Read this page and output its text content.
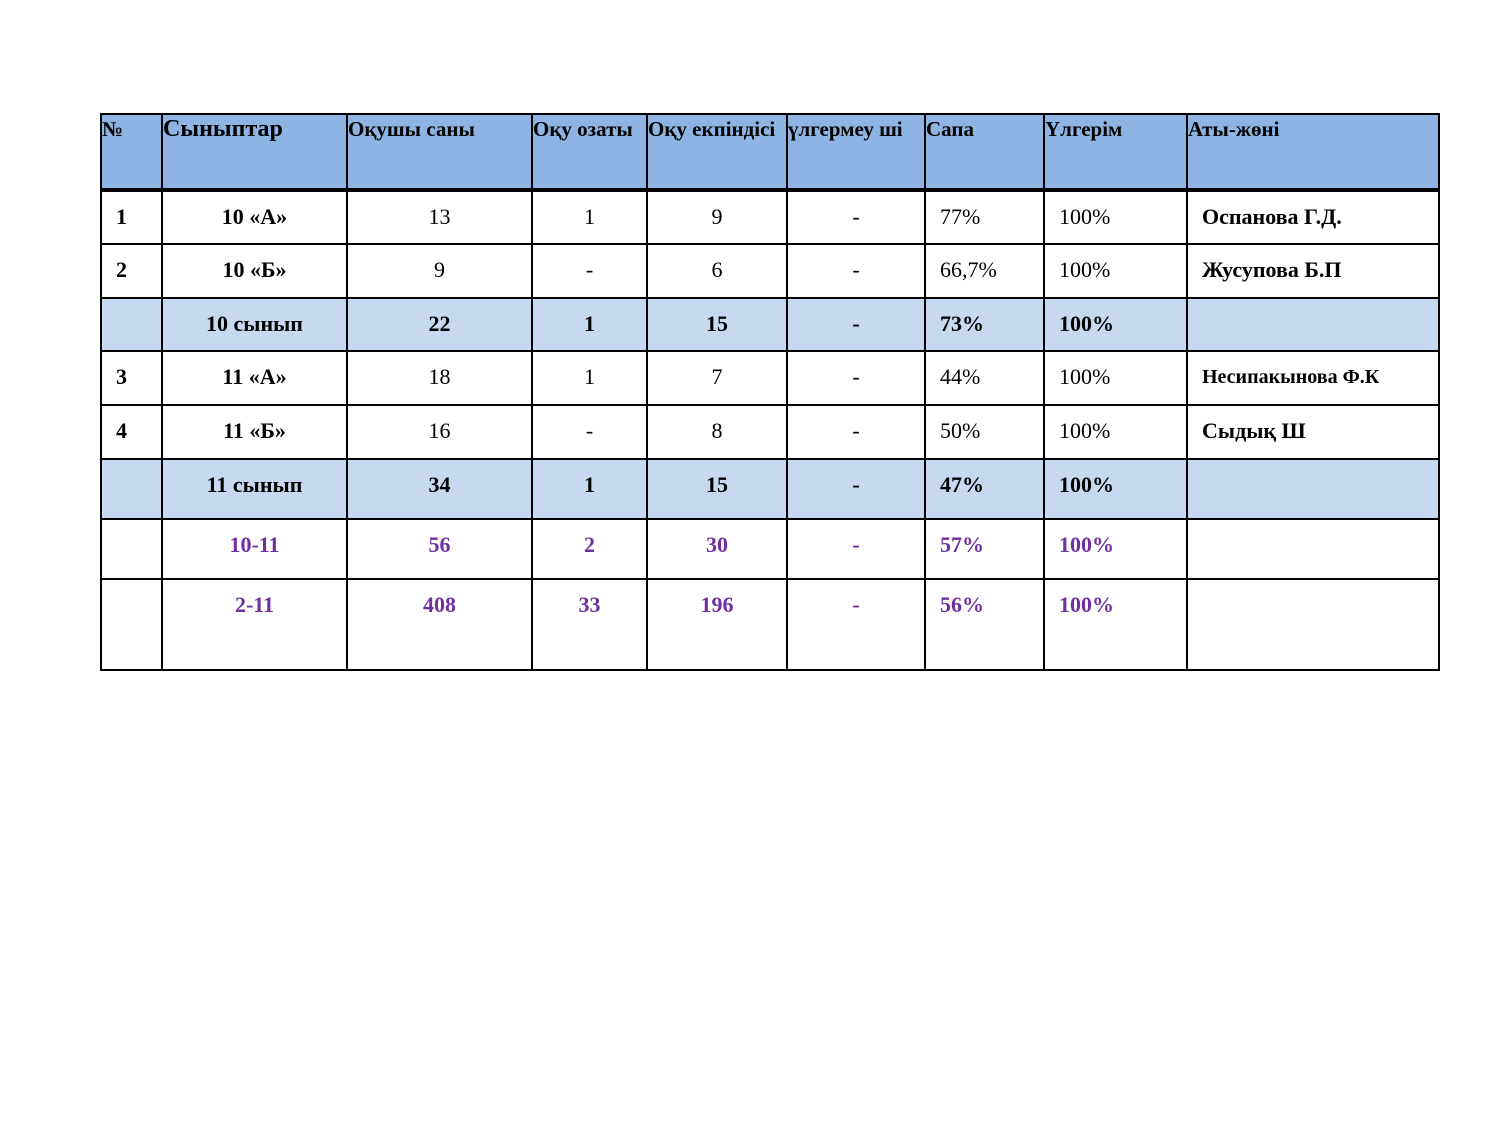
№	Сыныптар	Оқушы саны	Оқу озаты	Оқу екпіндісі	үлгермеу ші	Сапа	Үлгерім	Аты-жөні
1	10 «А»	13	1	9	-	77%	100%	Оспанова Г.Д.
2	10 «Б»	9	-	6	-	66,7%	100%	Жусупова Б.П
	10 сынып	22	1	15	-	73%	100%	
3	11 «А»	18	1	7	-	44%	100%	Несипакынова Ф.К
4	11 «Б»	16	-	8	-	50%	100%	Сыдық Ш
	11 сынып	34	1	15	-	47%	100%	
	10-11	56	2	30	-	57%	100%	
	2-11	408	33	196	-	56%	100%	
